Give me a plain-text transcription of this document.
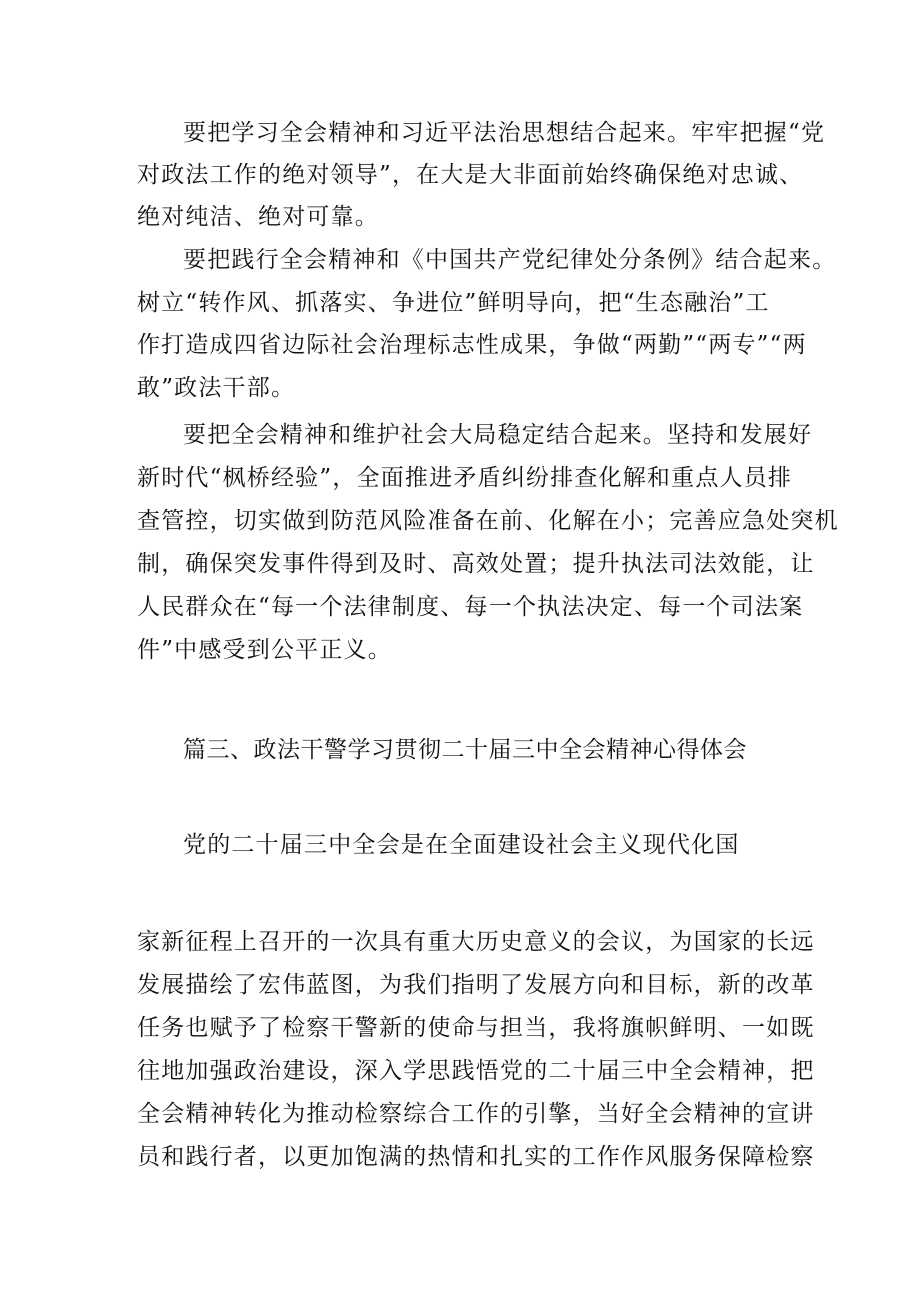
要把学习全会精神和习近平法治思想结合起来。牢牢把握“党
对政法工作的绝对领导”，在大是大非面前始终确保绝对忠诚、
绝对纯洁、绝对可靠。
要把践行全会精神和《中国共产党纪律处分条例》结合起来。
树立“转作风、抓落实、争进位”鲜明导向，把“生态融治”工
作打造成四省边际社会治理标志性成果，争做“两勤”“两专”“两
敢”政法干部。
要把全会精神和维护社会大局稳定结合起来。坚持和发展好
新时代“枫桥经验”，全面推进矛盾纠纷排查化解和重点人员排
查管控，切实做到防范风险准备在前、化解在小；完善应急处突机
制，确保突发事件得到及时、高效处置；提升执法司法效能，让
人民群众在“每一个法律制度、每一个执法决定、每一个司法案
件”中感受到公平正义。
篇三、政法干警学习贯彻二十届三中全会精神心得体会
党的二十届三中全会是在全面建设社会主义现代化国
家新征程上召开的一次具有重大历史意义的会议，为国家的长远
发展描绘了宏伟蓝图，为我们指明了发展方向和目标，新的改革
任务也赋予了检察干警新的使命与担当，我将旗帜鲜明、一如既
往地加强政治建设，深入学思践悟党的二十届三中全会精神，把
全会精神转化为推动检察综合工作的引擎，当好全会精神的宣讲
员和践行者，以更加饱满的热情和扎实的工作作风服务保障检察
